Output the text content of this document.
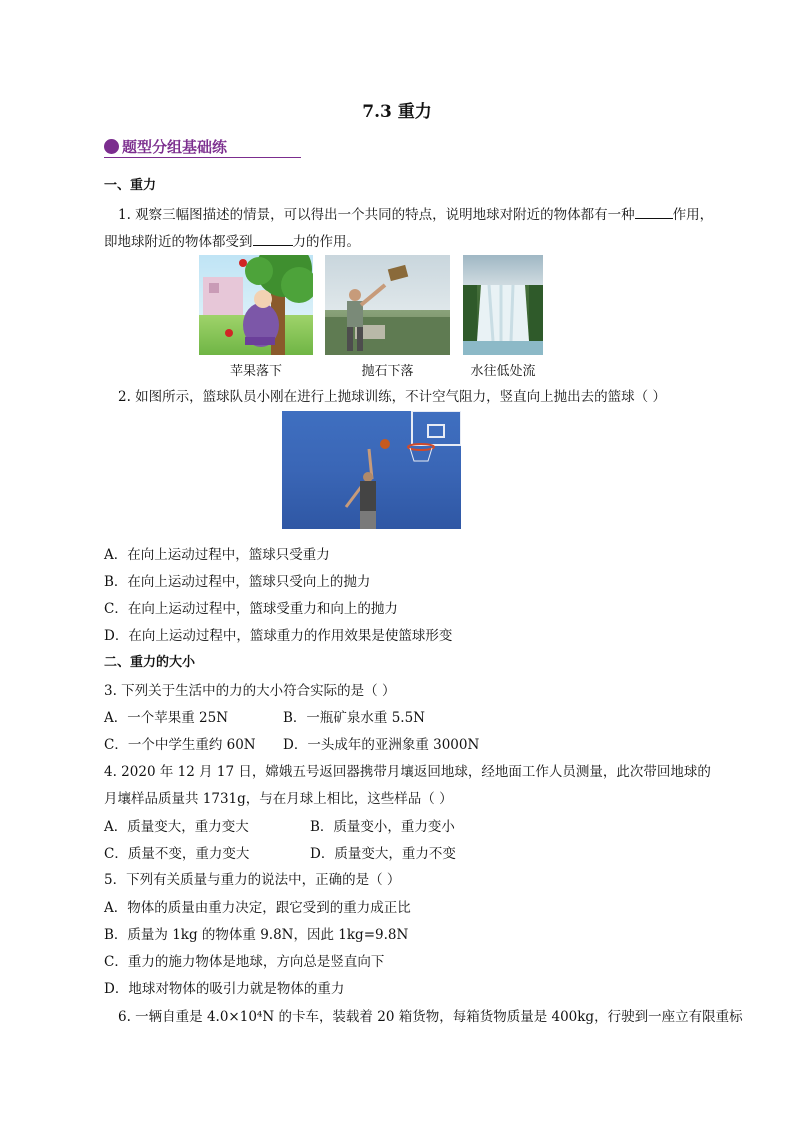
7.3 重力
题型分组基础练
一、重力
1. 观察三幅图描述的情景，可以得出一个共同的特点，说明地球对附近的物体都有一种	作用，
即地球附近的物体都受到	力的作用。
苹果落下	抛石下落	水往低处流
2. 如图所示，篮球队员小刚在进行上抛球训练，不计空气阻力，竖直向上抛出去的篮球（ ）
A．在向上运动过程中，篮球只受重力
B．在向上运动过程中，篮球只受向上的抛力
C．在向上运动过程中，篮球受重力和向上的抛力
D．在向上运动过程中，篮球重力的作用效果是使篮球形变
二、重力的大小
3. 下列关于生活中的力的大小符合实际的是（ ）
A．一个苹果重 25N	B．一瓶矿泉水重 5.5N
C．一个中学生重约 60N D．一头成年的亚洲象重 3000N
4. 2020 年 12 月 17 日，嫦娥五号返回器携带月壤返回地球，经地面工作人员测量，此次带回地球的
月壤样品质量共 1731g，与在月球上相比，这些样品（ ）
A．质量变大，重力变大	B．质量变小，重力变小
C．质量不变，重力变大	D．质量变大，重力不变
5．下列有关质量与重力的说法中，正确的是（ ）
A．物体的质量由重力决定，跟它受到的重力成正比
B．质量为 1kg 的物体重 9.8N，因此 1kg=9.8N
C．重力的施力物体是地球，方向总是竖直向下
D．地球对物体的吸引力就是物体的重力
6. 一辆自重是 4.0×10⁴N 的卡车，装载着 20 箱货物，每箱货物质量是 400kg，行驶到一座立有限重标
